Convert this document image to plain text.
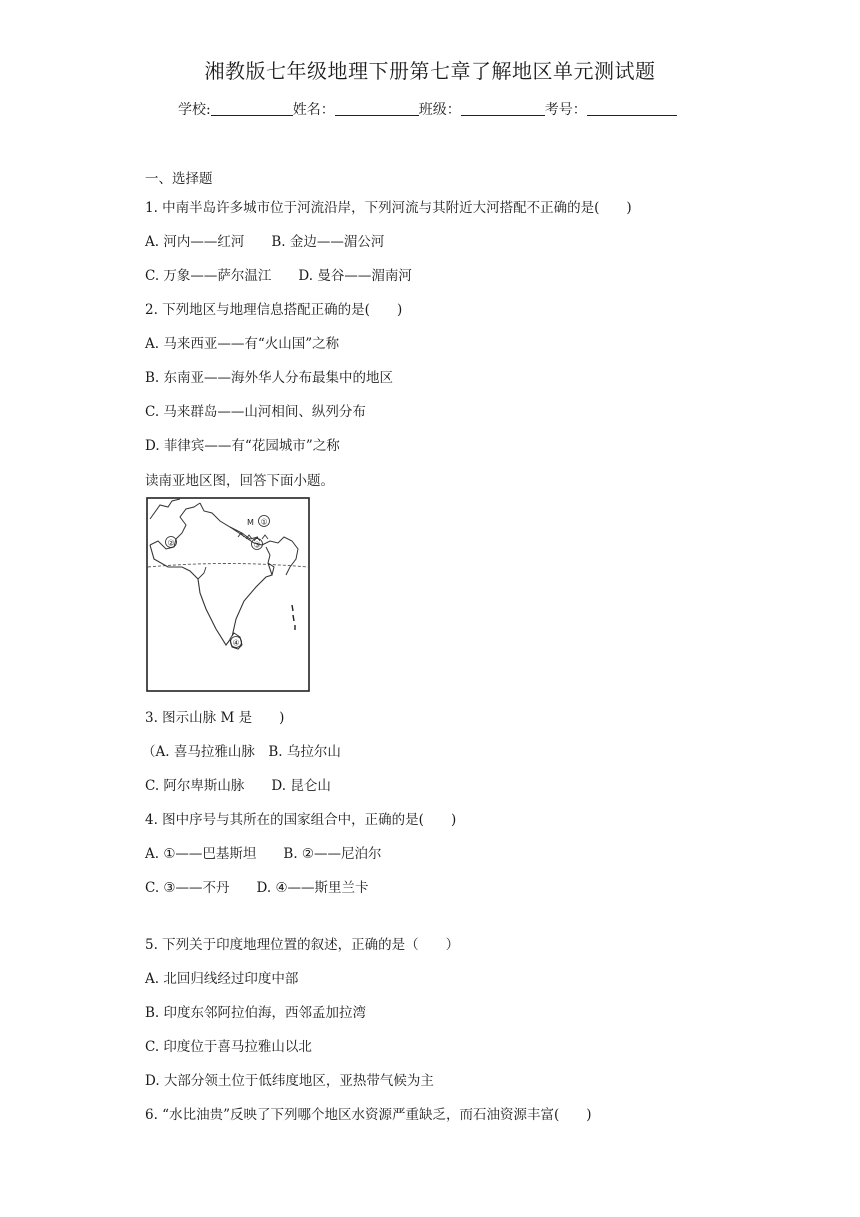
湘教版七年级地理下册第七章了解地区单元测试题
学校:	姓名：	班级：	考号：
一、选择题
1. 中南半岛许多城市位于河流沿岸，下列河流与其附近大河搭配不正确的是(　　)
A. 河内——红河　　B. 金边——湄公河
C. 万象——萨尔温江　　D. 曼谷——湄南河
2. 下列地区与地理信息搭配正确的是(　　)
A. 马来西亚——有“火山国”之称
B. 东南亚——海外华人分布最集中的地区
C. 马来群岛——山河相间、纵列分布
D. 菲律宾——有“花园城市”之称
读南亚地区图，回答下面小题。
M ①
②	③
④
3. 图示山脉 M 是　　)
（A. 喜马拉雅山脉　B. 乌拉尔山
C. 阿尔卑斯山脉　　D. 昆仑山
4. 图中序号与其所在的国家组合中，正确的是(　　)
A. ①——巴基斯坦　　B. ②——尼泊尔
C. ③——不丹　　D. ④——斯里兰卡
5. 下列关于印度地理位置的叙述，正确的是（　　）
A. 北回归线经过印度中部
B. 印度东邻阿拉伯海，西邻孟加拉湾
C. 印度位于喜马拉雅山以北
D. 大部分领土位于低纬度地区，亚热带气候为主
6. “水比油贵”反映了下列哪个地区水资源严重缺乏，而石油资源丰富(　　)
